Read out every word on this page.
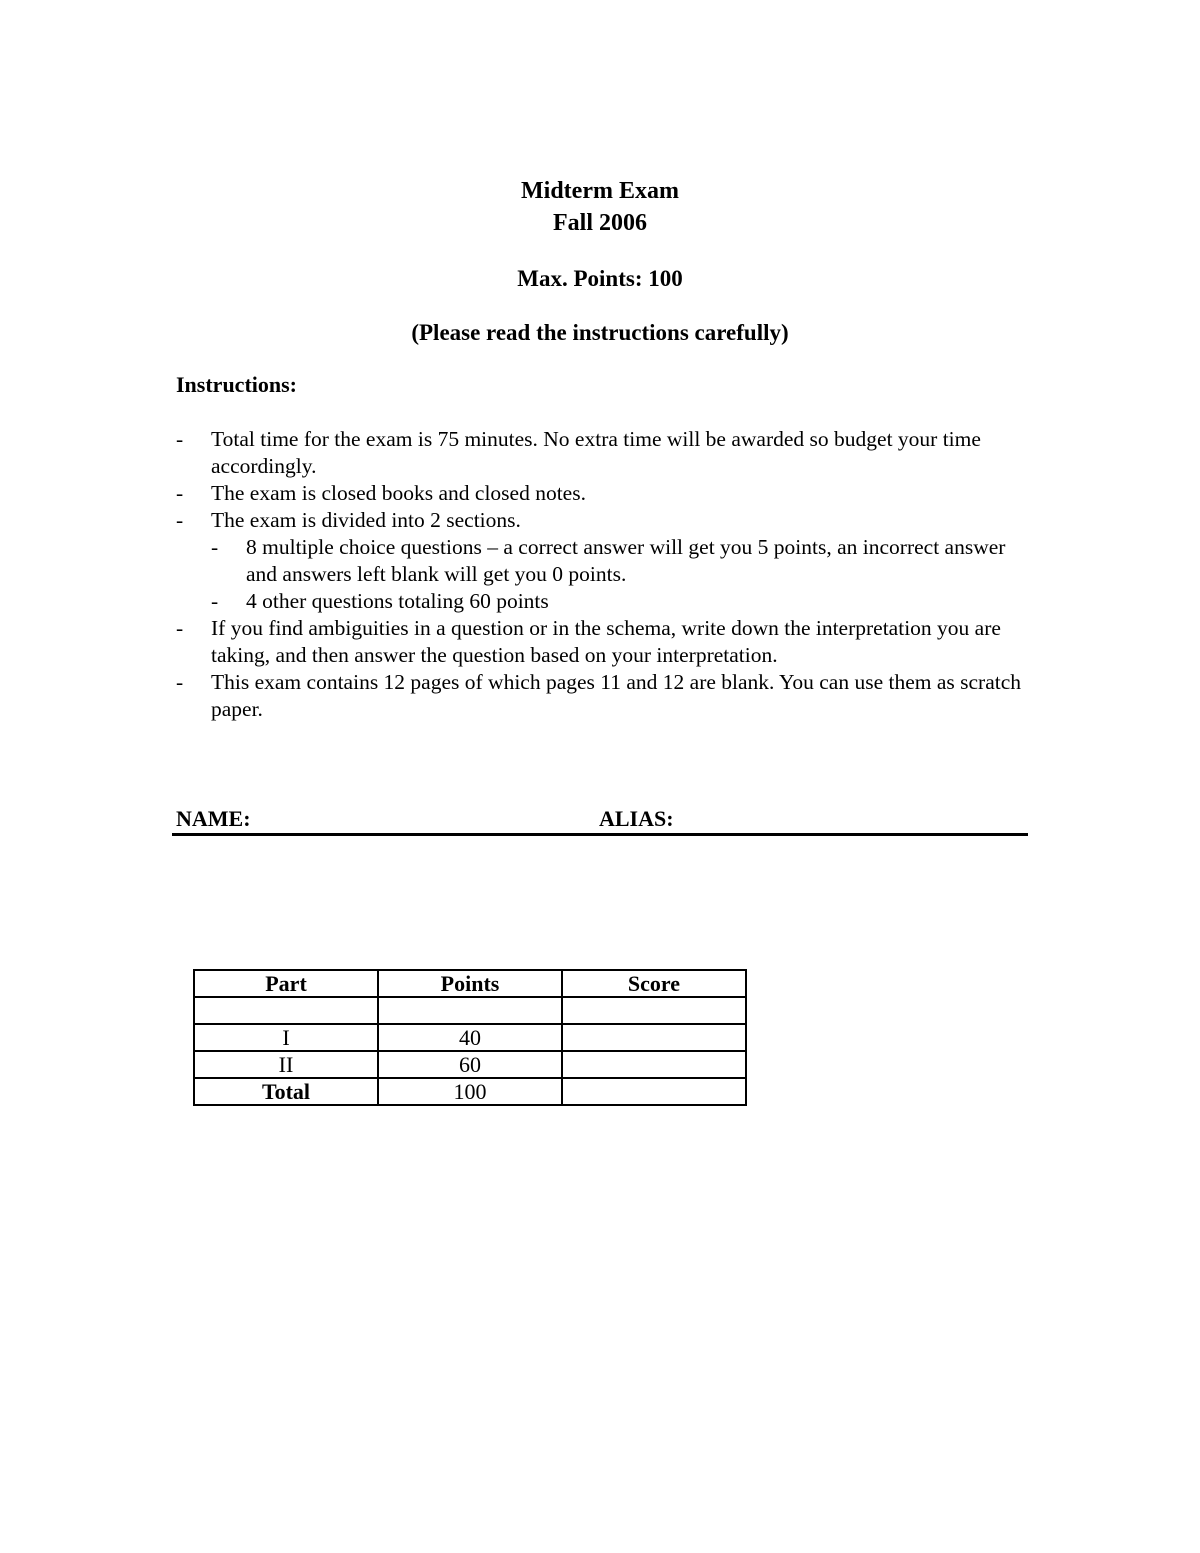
Midterm Exam
Fall 2006
Max. Points: 100
(Please read the instructions carefully)
Instructions:
- Total time for the exam is 75 minutes. No extra time will be awarded so budget your time accordingly.
- The exam is closed books and closed notes.
- The exam is divided into 2 sections.
- 8 multiple choice questions – a correct answer will get you 5 points, an incorrect answer and answers left blank will get you 0 points.
- 4 other questions totaling 60 points
- If you find ambiguities in a question or in the schema, write down the interpretation you are taking, and then answer the question based on your interpretation.
- This exam contains 12 pages of which pages 11 and 12 are blank. You can use them as scratch paper.
NAME:	ALIAS:
Part	Points	Score

I	40	
II	60	
Total	100	
